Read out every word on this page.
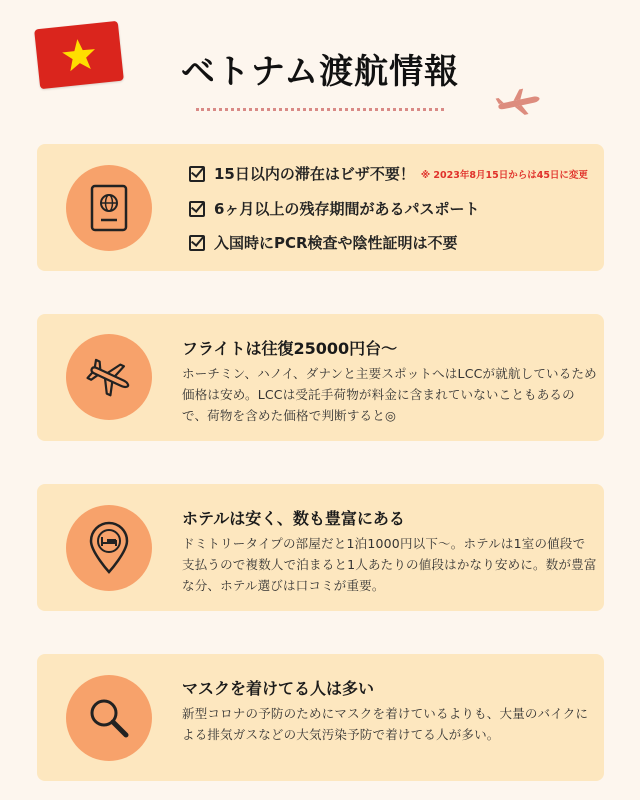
ベトナム渡航情報
15日以内の滞在はビザ不要！ ※ 2023年8月15日からは45日に変更
6ヶ月以上の残存期間があるパスポート
入国時にPCR検査や陰性証明は不要
フライトは往復25000円台〜
ホーチミン、ハノイ、ダナンと主要スポットへはLCCが就航しているため価格は安め。LCCは受託手荷物が料金に含まれていないこともあるので、荷物を含めた価格で判断すると◎
ホテルは安く、数も豊富にある
ドミトリータイプの部屋だと1泊1000円以下〜。ホテルは1室の値段で支払うので複数人で泊まると1人あたりの値段はかなり安めに。数が豊富な分、ホテル選びは口コミが重要。
マスクを着けてる人は多い
新型コロナの予防のためにマスクを着けているよりも、大量のバイクによる排気ガスなどの大気汚染予防で着けてる人が多い。
